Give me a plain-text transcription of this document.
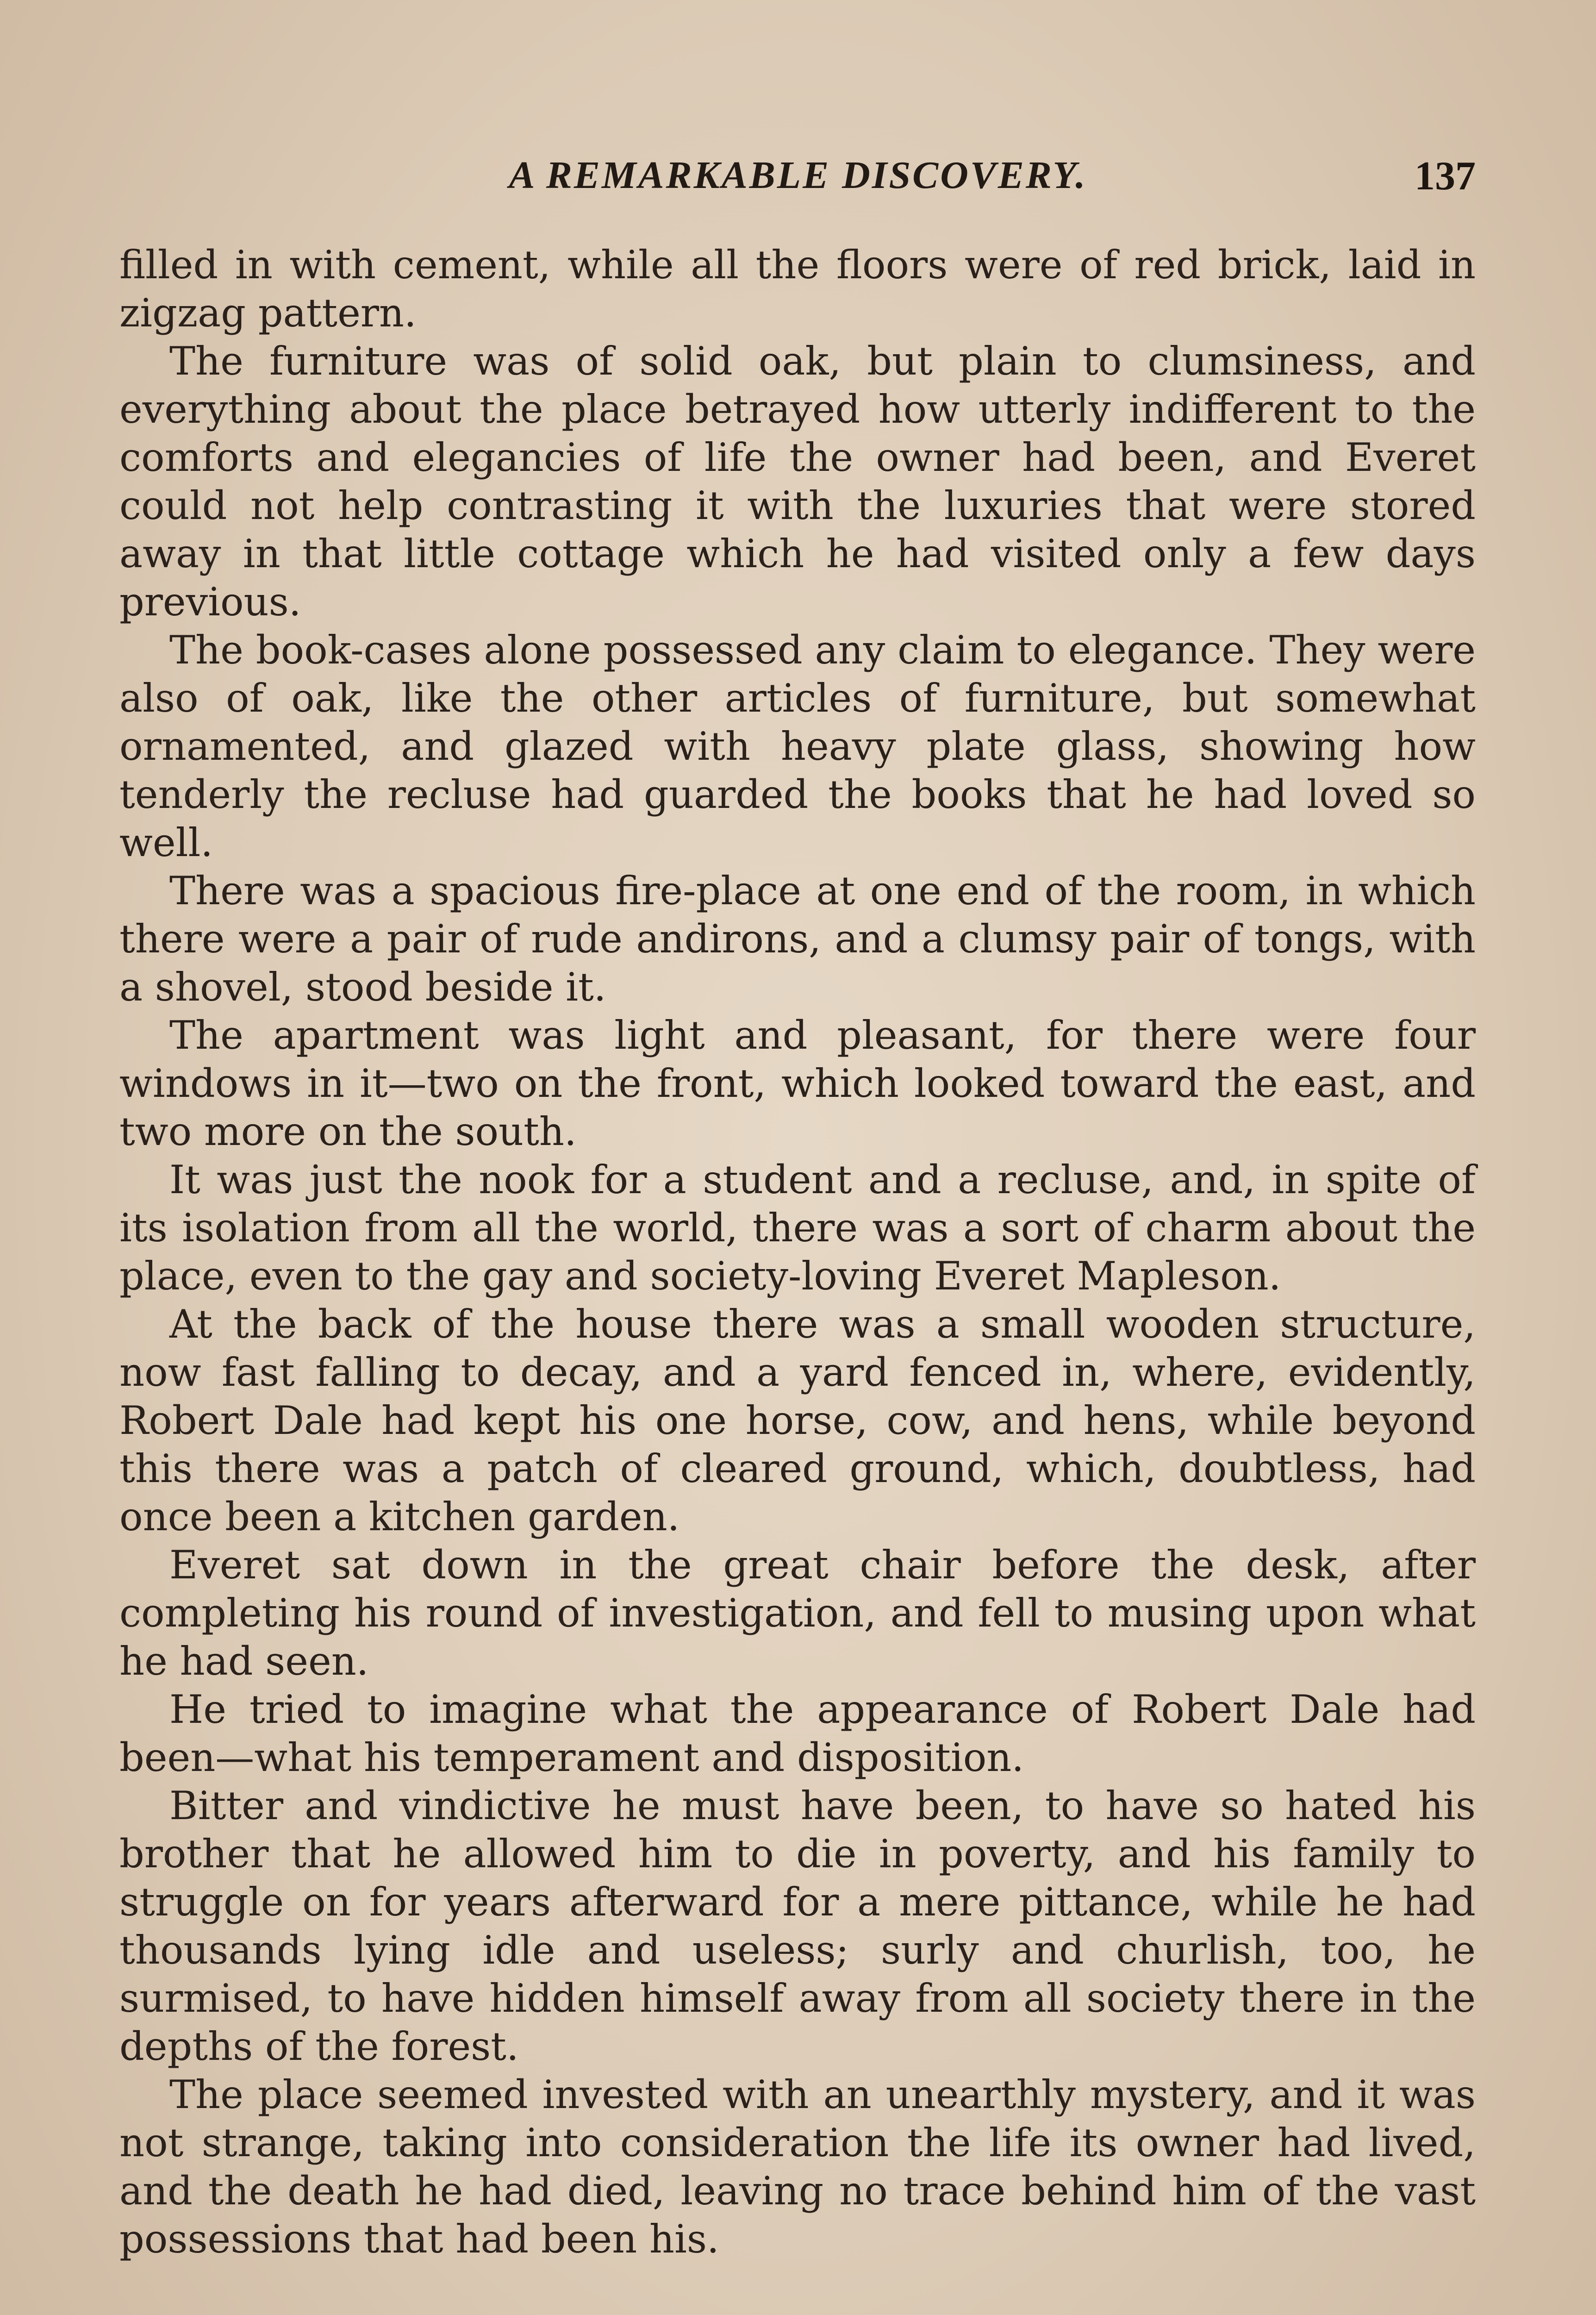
A REMARKABLE DISCOVERY.	137

filled in with cement, while all the floors were of red brick, laid in zigzag pattern.

The furniture was of solid oak, but plain to clumsiness, and everything about the place betrayed how utterly indifferent to the comforts and elegancies of life the owner had been, and Everet could not help contrasting it with the luxuries that were stored away in that little cottage which he had visited only a few days previous.

The book-cases alone possessed any claim to elegance. They were also of oak, like the other articles of furniture, but somewhat ornamented, and glazed with heavy plate glass, showing how tenderly the recluse had guarded the books that he had loved so well.

There was a spacious fire-place at one end of the room, in which there were a pair of rude andirons, and a clumsy pair of tongs, with a shovel, stood beside it.

The apartment was light and pleasant, for there were four windows in it—two on the front, which looked toward the east, and two more on the south.

It was just the nook for a student and a recluse, and, in spite of its isolation from all the world, there was a sort of charm about the place, even to the gay and society-loving Everet Mapleson.

At the back of the house there was a small wooden structure, now fast falling to decay, and a yard fenced in, where, evidently, Robert Dale had kept his one horse, cow, and hens, while beyond this there was a patch of cleared ground, which, doubtless, had once been a kitchen garden.

Everet sat down in the great chair before the desk, after completing his round of investigation, and fell to musing upon what he had seen.

He tried to imagine what the appearance of Robert Dale had been—what his temperament and disposition.

Bitter and vindictive he must have been, to have so hated his brother that he allowed him to die in poverty, and his family to struggle on for years afterward for a mere pittance, while he had thousands lying idle and useless; surly and churlish, too, he surmised, to have hidden himself away from all society there in the depths of the forest.

The place seemed invested with an unearthly mystery, and it was not strange, taking into consideration the life its owner had lived, and the death he had died, leaving no trace behind him of the vast possessions that had been his.
